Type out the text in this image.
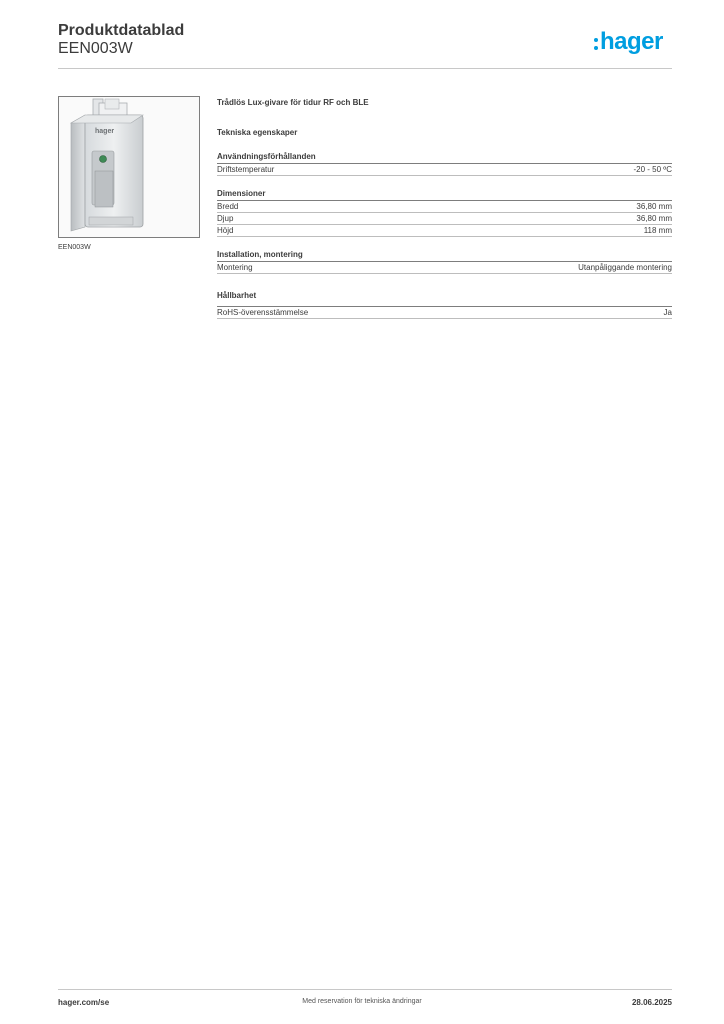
Produktdatablad
EEN003W	hager
hager
EEN003W
Trådlös Lux-givare för tidur RF och BLE
Tekniska egenskaper
Användningsförhållanden
Driftstemperatur	-20 - 50 ºC
Dimensioner
Bredd	36,80 mm
Djup	36,80 mm
Höjd	118 mm
Installation, montering
Montering	Utanpåliggande montering
Hållbarhet
RoHS-överensstämmelse	Ja
hager.com/se	Med reservation för tekniska ändringar	28.06.2025
